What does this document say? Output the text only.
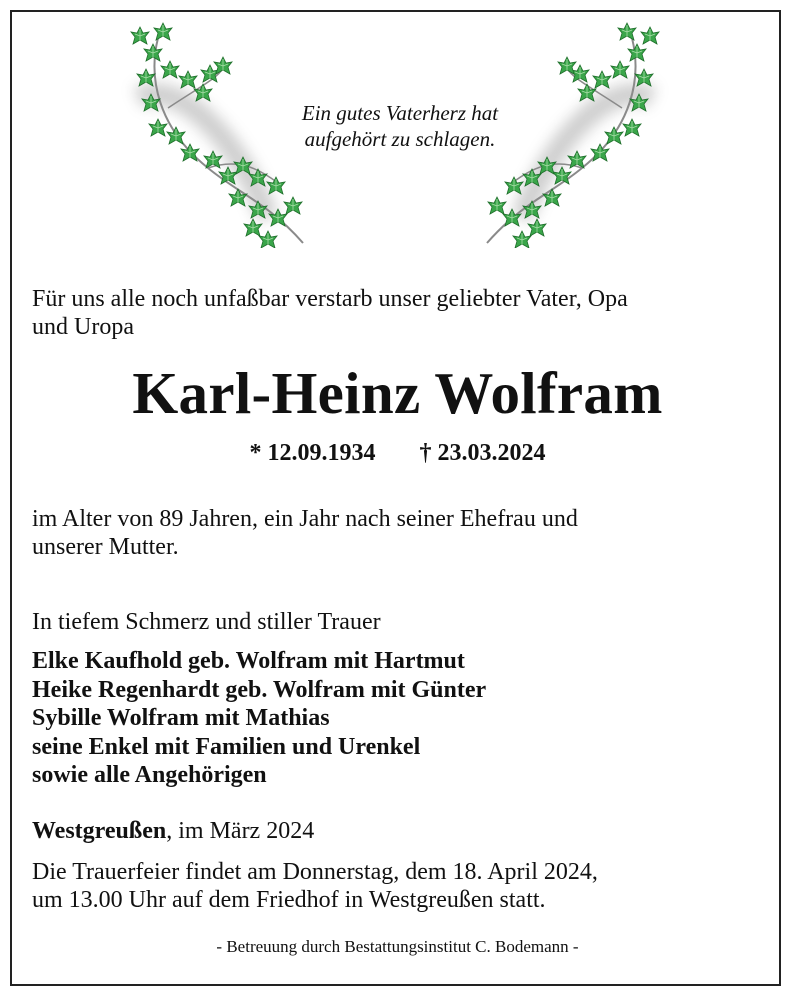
Ein gutes Vaterherz hat
aufgehört zu schlagen.
Für uns alle noch unfaßbar verstarb unser geliebter Vater, Opa
und Uropa
Karl-Heinz Wolfram
* 12.09.1934 † 23.03.2024
im Alter von 89 Jahren, ein Jahr nach seiner Ehefrau und
unserer Mutter.
In tiefem Schmerz und stiller Trauer
Elke Kaufhold geb. Wolfram mit Hartmut
Heike Regenhardt geb. Wolfram mit Günter
Sybille Wolfram mit Mathias
seine Enkel mit Familien und Urenkel
sowie alle Angehörigen
Westgreußen, im März 2024
Die Trauerfeier findet am Donnerstag, dem 18. April 2024,
um 13.00 Uhr auf dem Friedhof in Westgreußen statt.
- Betreuung durch Bestattungsinstitut C. Bodemann -
